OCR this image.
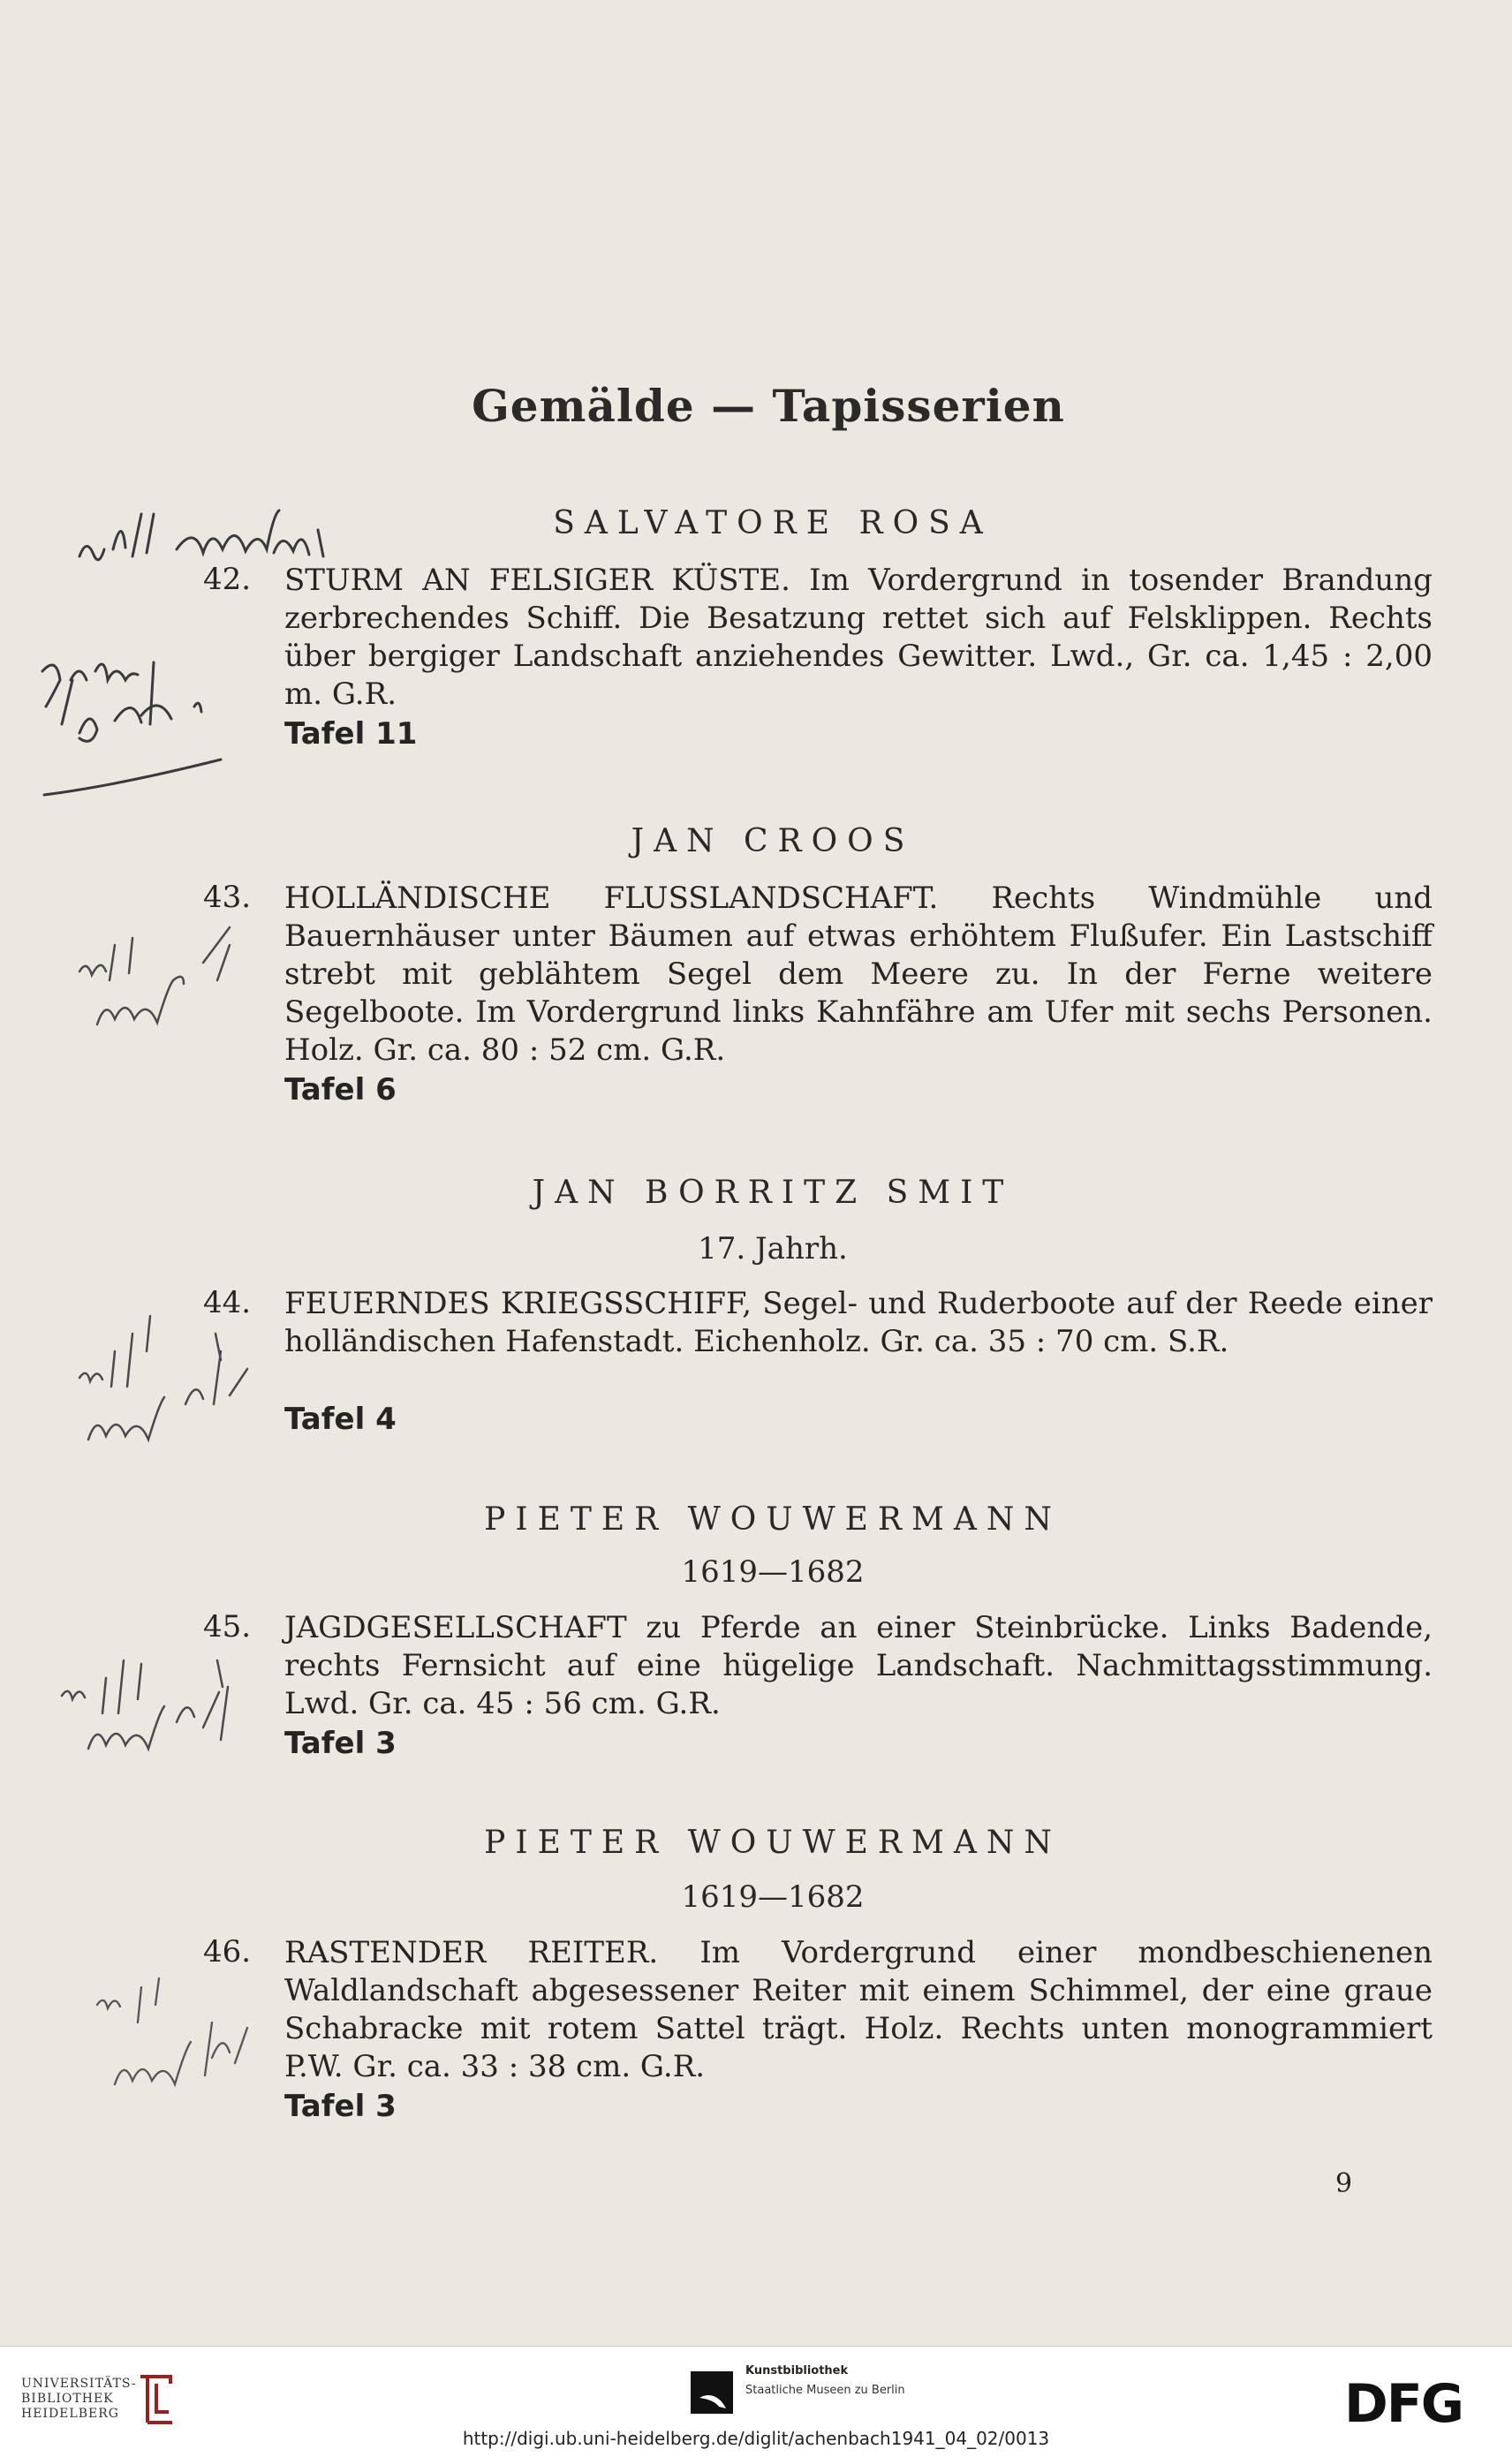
Gemälde — Tapisserien
SALVATORE ROSA
42.	STURM AN FELSIGER KÜSTE. Im Vordergrund in tosender Brandung zerbrechendes Schiff. Die Besatzung rettet sich auf Felsklippen. Rechts über bergiger Landschaft anziehendes Gewitter. Lwd., Gr. ca. 1,45 : 2,00 m. G.R.
Tafel 11
JAN CROOS
43.	HOLLÄNDISCHE FLUSSLANDSCHAFT. Rechts Windmühle und Bauernhäuser unter Bäumen auf etwas erhöhtem Flußufer. Ein Lastschiff strebt mit geblähtem Segel dem Meere zu. In der Ferne weitere Segelboote. Im Vordergrund links Kahnfähre am Ufer mit sechs Personen. Holz. Gr. ca. 80 : 52 cm. G.R.
Tafel 6
JAN BORRITZ SMIT
17. Jahrh.
44.	FEUERNDES KRIEGSSCHIFF, Segel- und Ruderboote auf der Reede einer holländischen Hafenstadt. Eichenholz. Gr. ca. 35 : 70 cm. S.R.
Tafel 4
PIETER WOUWERMANN
1619—1682
45.	JAGDGESELLSCHAFT zu Pferde an einer Steinbrücke. Links Badende, rechts Fernsicht auf eine hügelige Landschaft. Nachmittagsstimmung. Lwd. Gr. ca. 45 : 56 cm. G.R.
Tafel 3
PIETER WOUWERMANN
1619—1682
46.	RASTENDER REITER. Im Vordergrund einer mondbeschienenen Waldlandschaft abgesessener Reiter mit einem Schimmel, der eine graue Schabracke mit rotem Sattel trägt. Holz. Rechts unten monogrammiert P.W. Gr. ca. 33 : 38 cm. G.R.
Tafel 3
9
UNIVERSITÄTS-
BIBLIOTHEK
HEIDELBERG
Kunstbibliothek
Staatliche Museen zu Berlin	DFG
http://digi.ub.uni-heidelberg.de/diglit/achenbach1941_04_02/0013
